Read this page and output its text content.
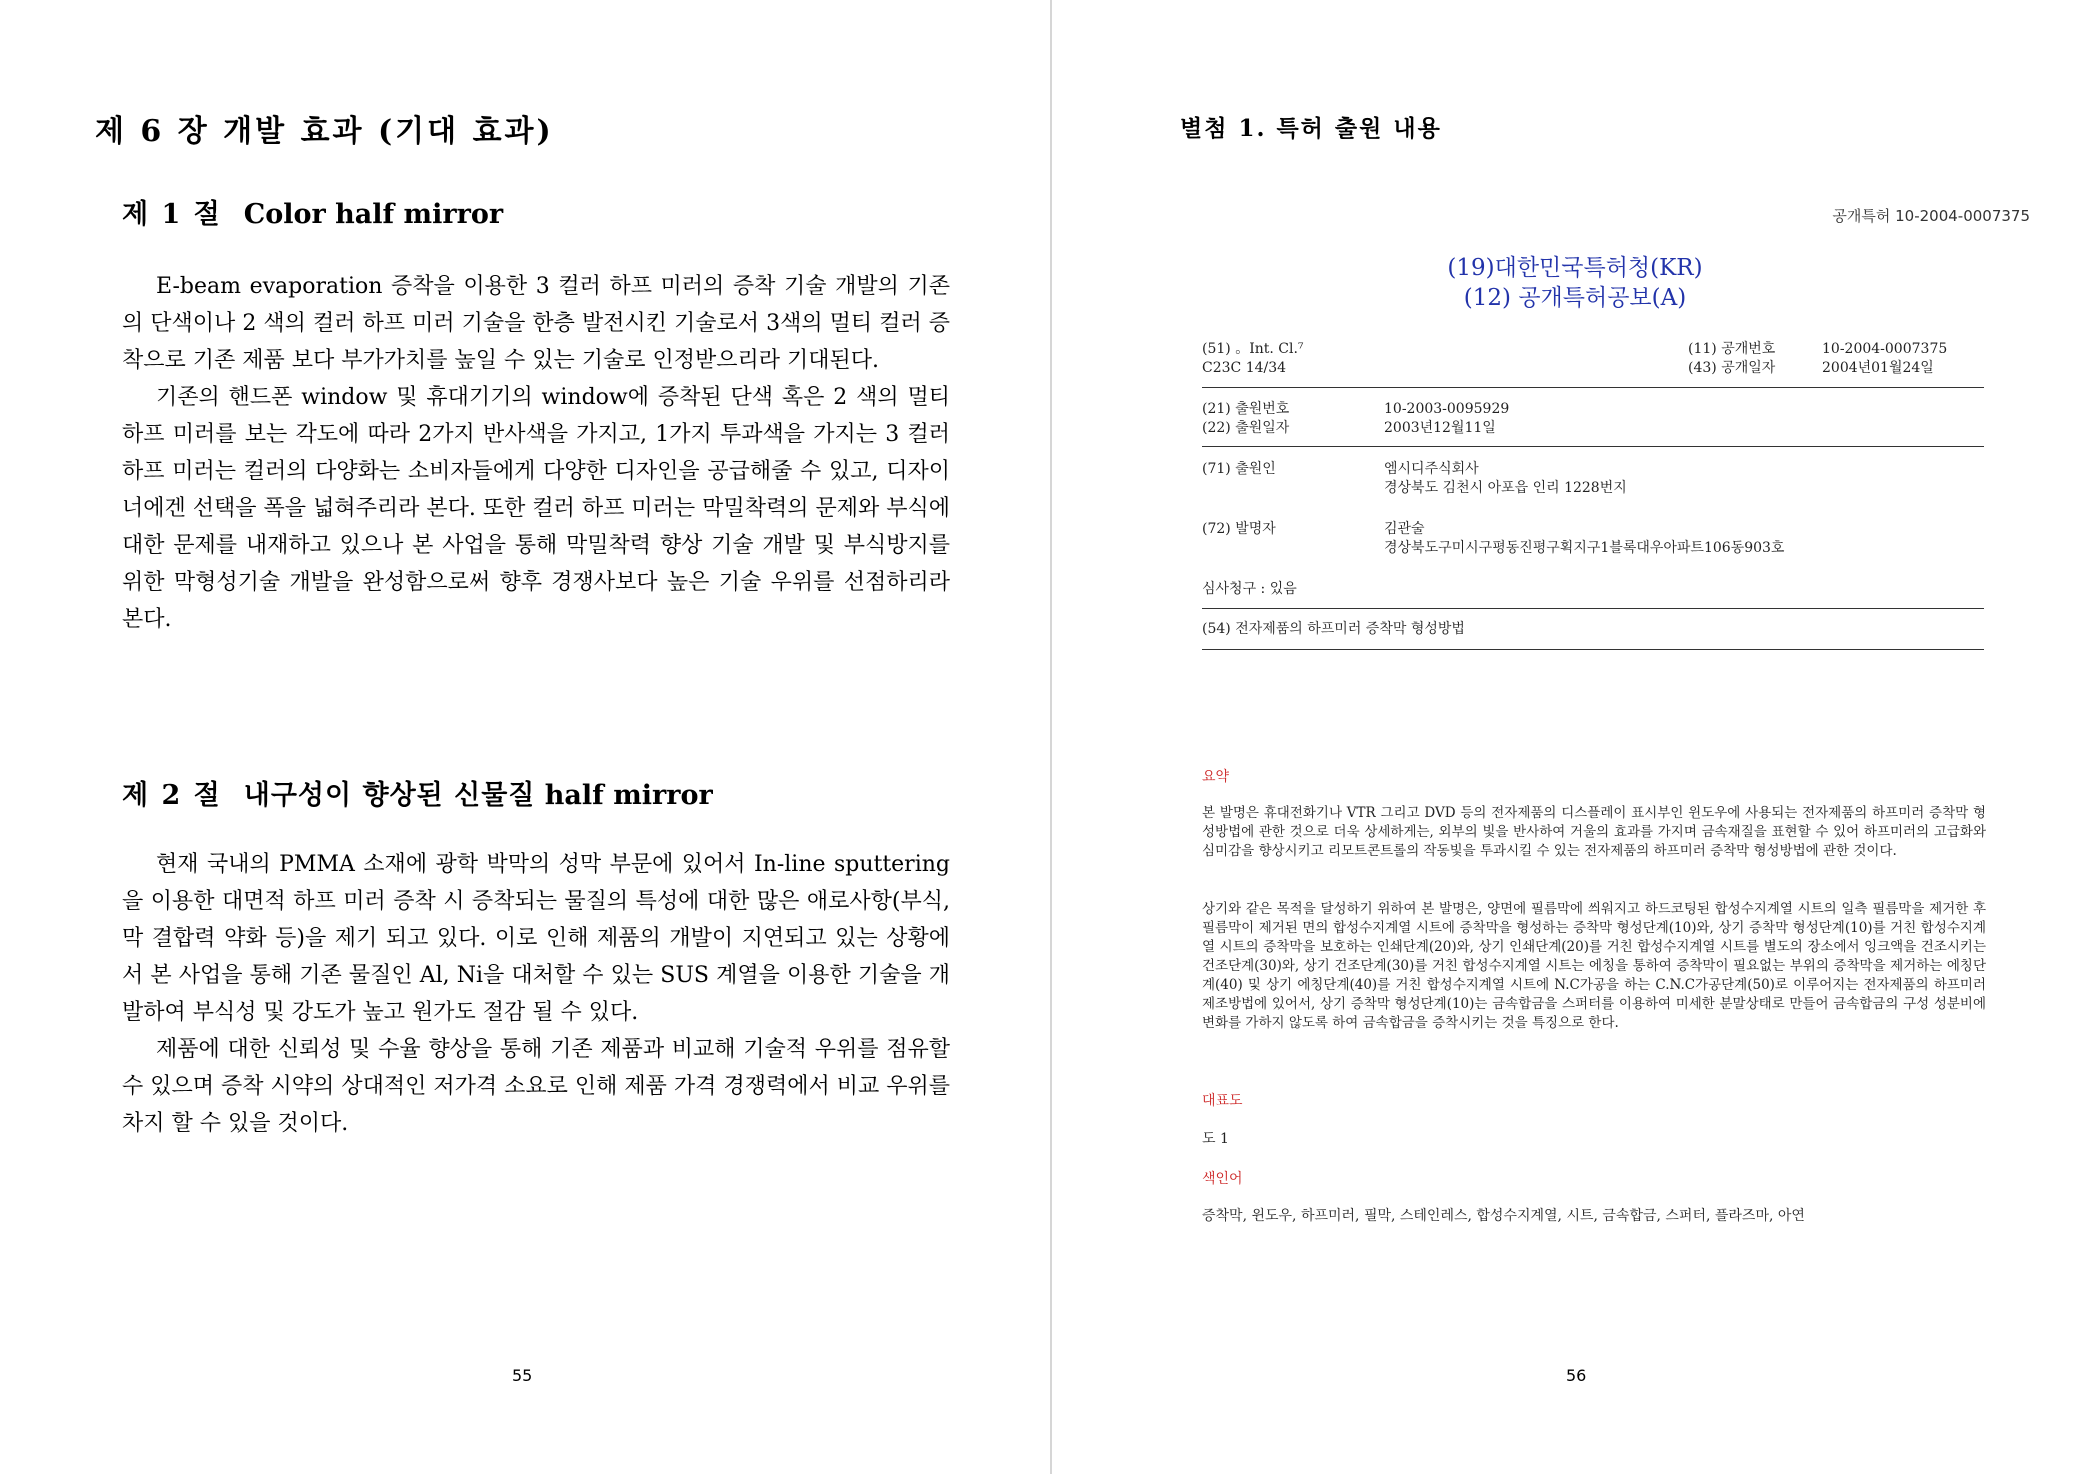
제 6 장 개발 효과 (기대 효과)
제 1 절 Color half mirror

E-beam evaporation 증착을 이용한 3 컬러 하프 미러의 증착 기술 개발의 기존의 단색이나 2 색의 컬러 하프 미러 기술을 한층 발전시킨 기술로서 3색의 멀티 컬러 증착으로 기존 제품 보다 부가가치를 높일 수 있는 기술로 인정받으리라 기대된다.

기존의 핸드폰 window 및 휴대기기의 window에 증착된 단색 혹은 2 색의 멀티 하프 미러를 보는 각도에 따라 2가지 반사색을 가지고, 1가지 투과색을 가지는 3 컬러 하프 미러는 컬러의 다양화는 소비자들에게 다양한 디자인을 공급해줄 수 있고, 디자이너에겐 선택을 폭을 넓혀주리라 본다. 또한 컬러 하프 미러는 막밀착력의 문제와 부식에 대한 문제를 내재하고 있으나 본 사업을 통해 막밀착력 향상 기술 개발 및 부식방지를 위한 막형성기술 개발을 완성함으로써 향후 경쟁사보다 높은 기술 우위를 선점하리라 본다.

제 2 절 내구성이 향상된 신물질 half mirror

현재 국내의 PMMA 소재에 광학 박막의 성막 부문에 있어서 In-line sputtering을 이용한 대면적 하프 미러 증착 시 증착되는 물질의 특성에 대한 많은 애로사항(부식, 막 결합력 약화 등)을 제기 되고 있다. 이로 인해 제품의 개발이 지연되고 있는 상황에서 본 사업을 통해 기존 물질인 Al, Ni을 대처할 수 있는 SUS 계열을 이용한 기술을 개발하여 부식성 및 강도가 높고 원가도 절감 될 수 있다.

제품에 대한 신뢰성 및 수율 향상을 통해 기존 제품과 비교해 기술적 우위를 점유할 수 있으며 증착 시약의 상대적인 저가격 소요로 인해 제품 가격 경쟁력에서 비교 우위를 차지 할 수 있을 것이다.

55
별첨 1. 특허 출원 내용
공개특허 10-2004-0007375
(19)대한민국특허청(KR)
(12) 공개특허공보(A)
(51) 。Int. Cl.⁷
C23C 14/34
(11) 공개번호	10-2004-0007375
(43) 공개일자	2004년01월24일
(21) 출원번호	10-2003-0095929
(22) 출원일자	2003년12월11일
(71) 출원인	엠시디주식회사
경상북도 김천시 아포읍 인리 1228번지
(72) 발명자	김관술
경상북도구미시구평동진평구획지구1블록대우아파트106동903호
심사청구 : 있음
(54) 전자제품의 하프미러 증착막 형성방법
요약
본 발명은 휴대전화기나 VTR 그리고 DVD 등의 전자제품의 디스플레이 표시부인 윈도우에 사용되는 전자제품의 하프미러 증착막 형성방법에 관한 것으로 더욱 상세하게는, 외부의 빛을 반사하여 거울의 효과를 가지며 금속재질을 표현할 수 있어 하프미러의 고급화와 심미감을 향상시키고 리모트콘트롤의 작동빛을 투과시킬 수 있는 전자제품의 하프미러 증착막 형성방법에 관한 것이다.
상기와 같은 목적을 달성하기 위하여 본 발명은, 양면에 필름막에 씌워지고 하드코팅된 합성수지계열 시트의 일측 필름막을 제거한 후 필름막이 제거된 면의 합성수지계열 시트에 증착막을 형성하는 증착막 형성단계(10)와, 상기 증착막 형성단계(10)를 거친 합성수지계열 시트의 증착막을 보호하는 인쇄단계(20)와, 상기 인쇄단계(20)를 거친 합성수지계열 시트를 별도의 장소에서 잉크액을 건조시키는 건조단계(30)와, 상기 건조단계(30)를 거친 합성수지계열 시트는 에칭을 통하여 증착막이 필요없는 부위의 증착막을 제거하는 에칭단계(40) 및 상기 에칭단계(40)를 거친 합성수지계열 시트에 N.C가공을 하는 C.N.C가공단계(50)로 이루어지는 전자제품의 하프미러 제조방법에 있어서, 상기 증착막 형성단계(10)는 금속합금을 스퍼터를 이용하여 미세한 분말상태로 만들어 금속합금의 구성 성분비에 변화를 가하지 않도록 하여 금속합금을 증착시키는 것을 특징으로 한다.
대표도
도 1
색인어
증착막, 윈도우, 하프미러, 필막, 스테인레스, 합성수지계열, 시트, 금속합금, 스퍼터, 플라즈마, 아연
56
